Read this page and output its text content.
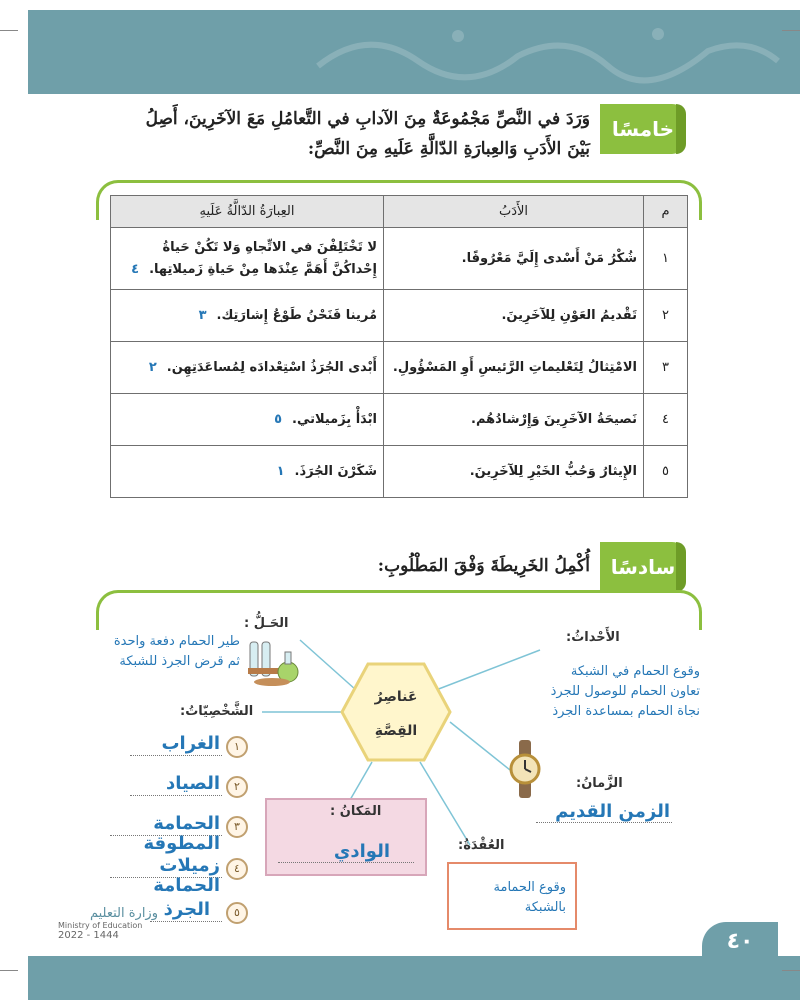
خامسًا
وَرَدَ في النَّصِّ مَجْمُوعَةٌ مِنَ الآدابِ في التَّعامُلِ مَعَ الآخَرِينَ، أَصِلُ
بَيْنَ الأَدَبِ وَالعِبارَةِ الدّالَّةِ عَلَيهِ مِنَ النَّصِّ:
م	الأَدَبُ	العِبارَةُ الدّالَّةُ عَلَيهِ
١	شُكْرُ مَنْ أَسْدى إِلَيَّ مَعْرُوفًا.	لا تَخْتَلِفْنَ في الاتِّجاهِ وَلا تَكُنْ حَياةُ إِحْداكُنَّ أَهَمَّ عِنْدَها مِنْ حَياةِ زَميلاتِها.٤
٢	تَقْديمُ العَوْنِ لِلآخَرِينَ.	مُرينا فَنَحْنُ طَوْعُ إِشارَتِك.٣
٣	الامْتِثالُ لِتَعْليماتِ الرَّئيسِ أَوِ المَسْؤُولِ.	أَبْدى الجُرَذُ اسْتِعْدادَه لِمُساعَدَتِهِن.٢
٤	نَصيحَةُ الآخَرِينَ وَإِرْشادُهُم.	ابْدَأْ بِزَميلاتي.٥
٥	الإِيثارُ وَحُبُّ الخَيْرِ لِلآخَرِينَ.	شَكَرْنَ الجُرَذَ.١
سادسًا
أُكْمِلُ الخَرِيطَةَ وَفْقَ المَطْلُوبِ:
عَناصِرُ
القِصَّةِ
الحَـلُّ :
طير الحمام دفعة واحدة
ثم قرض الجرذ للشبكة
الأَحْداثُ:
وقوع الحمام في الشبكة
تعاون الحمام للوصول للجرذ
نجاة الحمام بمساعدة الجرذ
الشَّخْصِيّاتُ:
١
الغراب
٢
الصياد
٣
الحمامة المطوقة
٤
زميلات الحمامة
٥
الجرذ
الزَّمانُ:
الزمن القديم
المَكانُ :
الوادي	العُقْدَةُ:
وقوع الحمامة
بالشبكة
وزارة التعليم
Ministry of Education
2022 - 1444	٤٠
